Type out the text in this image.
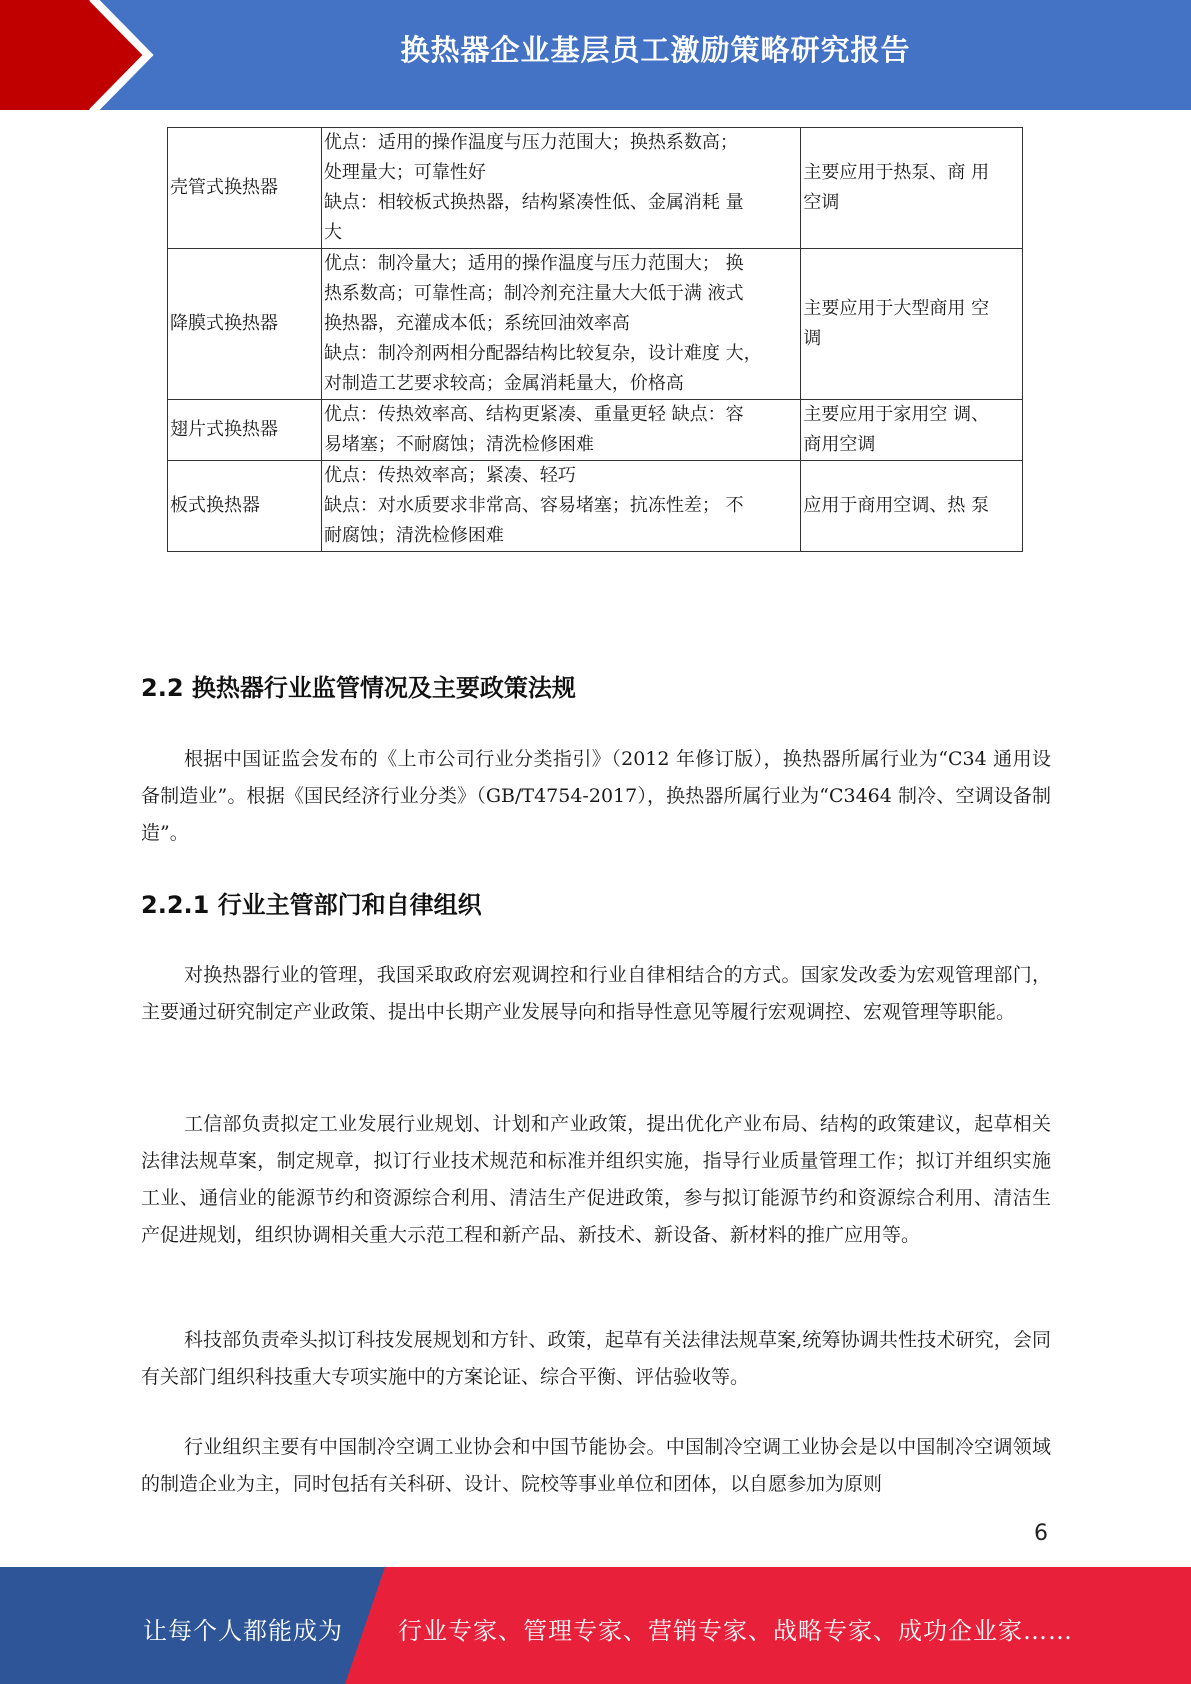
换热器企业基层员工激励策略研究报告
壳管式换热器	优点：适用的操作温度与压力范围大；换热系数高；
处理量大；可靠性好
缺点：相较板式换热器，结构紧凑性低、金属消耗 量
大	主要应用于热泵、商 用
空调

降膜式换热器	优点：制冷量大；适用的操作温度与压力范围大； 换
热系数高；可靠性高；制冷剂充注量大大低于满 液式
换热器，充灌成本低；系统回油效率高
缺点：制冷剂两相分配器结构比较复杂，设计难度 大，
对制造工艺要求较高；金属消耗量大，价格高	主要应用于大型商用 空
调

翅片式换热器	优点：传热效率高、结构更紧凑、重量更轻 缺点：容
易堵塞；不耐腐蚀；清洗检修困难	主要应用于家用空 调、
商用空调

板式换热器	优点：传热效率高；紧凑、轻巧
缺点：对水质要求非常高、容易堵塞；抗冻性差； 不
耐腐蚀；清洗检修困难	应用于商用空调、热 泵
2.2 换热器行业监管情况及主要政策法规
根据中国证监会发布的《上市公司行业分类指引》（2012 年修订版），换热器所属行业为“C34 通用设备制造业”。根据《国民经济行业分类》（GB/T4754-2017），换热器所属行业为“C3464 制冷、空调设备制造”。
2.2.1 行业主管部门和自律组织
对换热器行业的管理，我国采取政府宏观调控和行业自律相结合的方式。国家发改委为宏观管理部门，主要通过研究制定产业政策、提出中长期产业发展导向和指导性意见等履行宏观调控、宏观管理等职能。
工信部负责拟定工业发展行业规划、计划和产业政策，提出优化产业布局、结构的政策建议，起草相关法律法规草案，制定规章，拟订行业技术规范和标准并组织实施，指导行业质量管理工作；拟订并组织实施工业、通信业的能源节约和资源综合利用、清洁生产促进政策，参与拟订能源节约和资源综合利用、清洁生产促进规划，组织协调相关重大示范工程和新产品、新技术、新设备、新材料的推广应用等。
科技部负责牵头拟订科技发展规划和方针、政策，起草有关法律法规草案,统筹协调共性技术研究，会同有关部门组织科技重大专项实施中的方案论证、综合平衡、评估验收等。
行业组织主要有中国制冷空调工业协会和中国节能协会。中国制冷空调工业协会是以中国制冷空调领域的制造企业为主，同时包括有关科研、设计、院校等事业单位和团体，以自愿参加为原则
6
让每个人都能成为 行业专家、管理专家、营销专家、战略专家、成功企业家……
